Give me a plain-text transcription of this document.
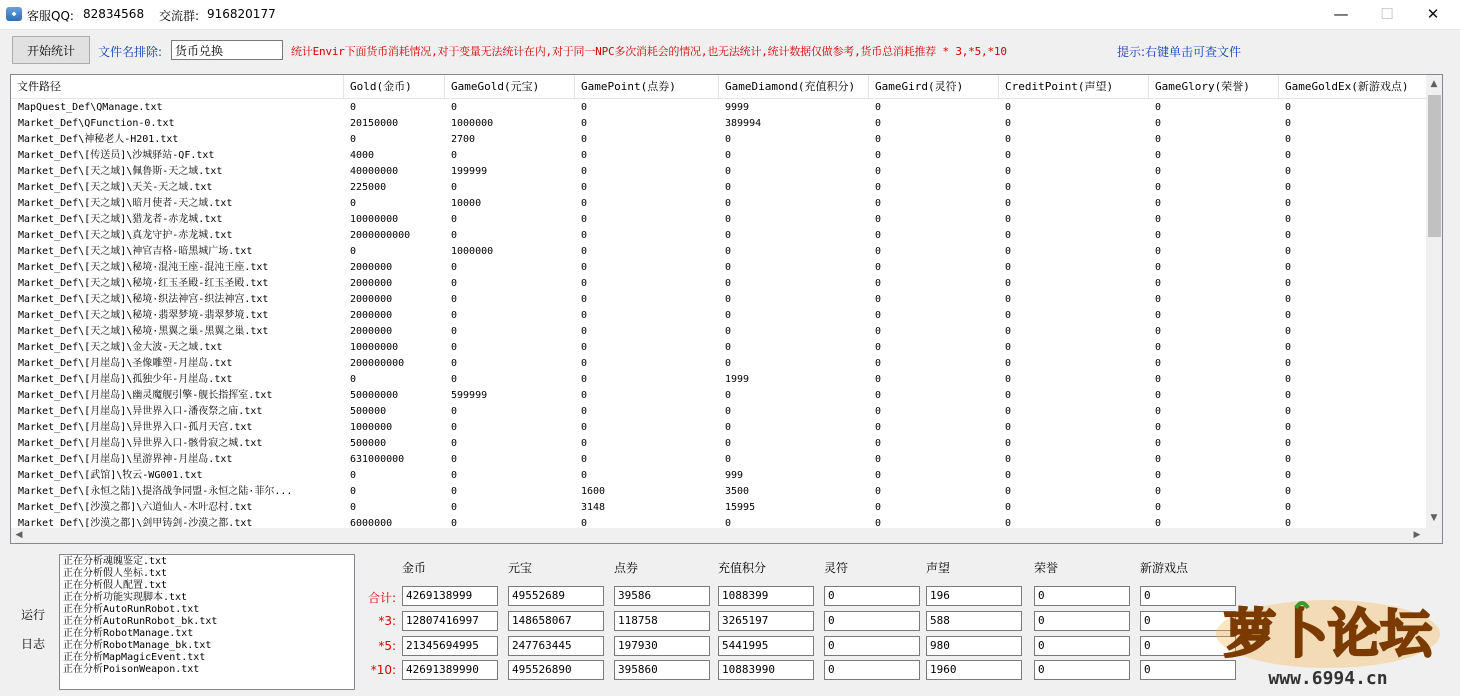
◆ 客服QQ: 82834568 交流群: 916820177	—	☐	✕
开始统计	文件名排除:
货币兑换	统计Envir下面货币消耗情况,对于变量无法统计在内,对于同一NPC多次消耗会的情况,也无法统计,统计数据仅做参考,货币总消耗推荐 * 3,*5,*10	提示:右键单击可查文件
文件路径	Gold(金币)	GameGold(元宝)	GamePoint(点券)	GameDiamond(充值积分)	GameGird(灵符)	CreditPoint(声望)	GameGlory(荣誉)	GameGoldEx(新游戏点)
MapQuest_Def\QManage.txt	0	0	0	9999	0	0	0	0
Market_Def\QFunction-0.txt	20150000	1000000	0	389994	0	0	0	0
Market_Def\神秘老人-H201.txt	0	2700	0	0	0	0	0	0
Market_Def\[传送员]\沙城驿站-QF.txt	4000	0	0	0	0	0	0	0
Market_Def\[天之域]\佩鲁斯-天之域.txt	40000000	199999	0	0	0	0	0	0
Market_Def\[天之域]\天关-天之域.txt	225000	0	0	0	0	0	0	0
Market_Def\[天之域]\暗月使者-天之域.txt	0	10000	0	0	0	0	0	0
Market_Def\[天之域]\猎龙者-赤龙城.txt	10000000	0	0	0	0	0	0	0
Market_Def\[天之域]\真龙守护-赤龙城.txt	2000000000	0	0	0	0	0	0	0
Market_Def\[天之域]\神官吉格-暗黑城广场.txt	0	1000000	0	0	0	0	0	0
Market_Def\[天之域]\秘境·混沌王座-混沌王座.txt	2000000	0	0	0	0	0	0	0
Market_Def\[天之域]\秘境·红玉圣殿-红玉圣殿.txt	2000000	0	0	0	0	0	0	0
Market_Def\[天之域]\秘境·织法神宫-织法神宫.txt	2000000	0	0	0	0	0	0	0
Market_Def\[天之域]\秘境·翡翠梦境-翡翠梦境.txt	2000000	0	0	0	0	0	0	0
Market_Def\[天之域]\秘境·黑翼之巢-黑翼之巢.txt	2000000	0	0	0	0	0	0	0
Market_Def\[天之域]\金大波-天之域.txt	10000000	0	0	0	0	0	0	0
Market_Def\[月崖岛]\圣像雕塑-月崖岛.txt	200000000	0	0	0	0	0	0	0
Market_Def\[月崖岛]\孤独少年-月崖岛.txt	0	0	0	1999	0	0	0	0
Market_Def\[月崖岛]\幽灵魔舰引擎-舰长指挥室.txt	50000000	599999	0	0	0	0	0	0
Market_Def\[月崖岛]\异世界入口-潘夜祭之庙.txt	500000	0	0	0	0	0	0	0
Market_Def\[月崖岛]\异世界入口-孤月天宫.txt	1000000	0	0	0	0	0	0	0
Market_Def\[月崖岛]\异世界入口-骸骨寂之城.txt	500000	0	0	0	0	0	0	0
Market_Def\[月崖岛]\星游界神-月崖岛.txt	631000000	0	0	0	0	0	0	0
Market_Def\[武馆]\牧云-WG001.txt	0	0	0	999	0	0	0	0
Market_Def\[永恒之陆]\提洛战争同盟-永恒之陆·菲尔...	0	0	1600	3500	0	0	0	0
Market_Def\[沙漠之都]\六道仙人-木叶忍村.txt	0	0	3148	15995	0	0	0	0
Market_Def\[沙漠之都]\剑甲铸剑-沙漠之都.txt	6000000	0	0	0	0	0	0	0
▲
▼
◀	▶
运行
日志
正在分析魂魄鉴定.txt
正在分析假人坐标.txt
正在分析假人配置.txt
正在分析功能实现脚本.txt
正在分析AutoRunRobot.txt
正在分析AutoRunRobot_bk.txt
正在分析RobotManage.txt
正在分析RobotManage_bk.txt
正在分析MapMagicEvent.txt
正在分析PoisonWeapon.txt
金币	元宝	点券	充值积分	灵符	声望	荣誉	新游戏点
合计: 4269138999	49552689	39586	1088399	0	196	0	0
*3: 12807416997	148658067	118758	3265197	0	588	0	0
*5: 21345694995	247763445	197930	5441995	0	980	0	0
*10: 42691389990	495526890	395860	10883990	0	1960	0	0
萝卜论坛
www.6994.cn
